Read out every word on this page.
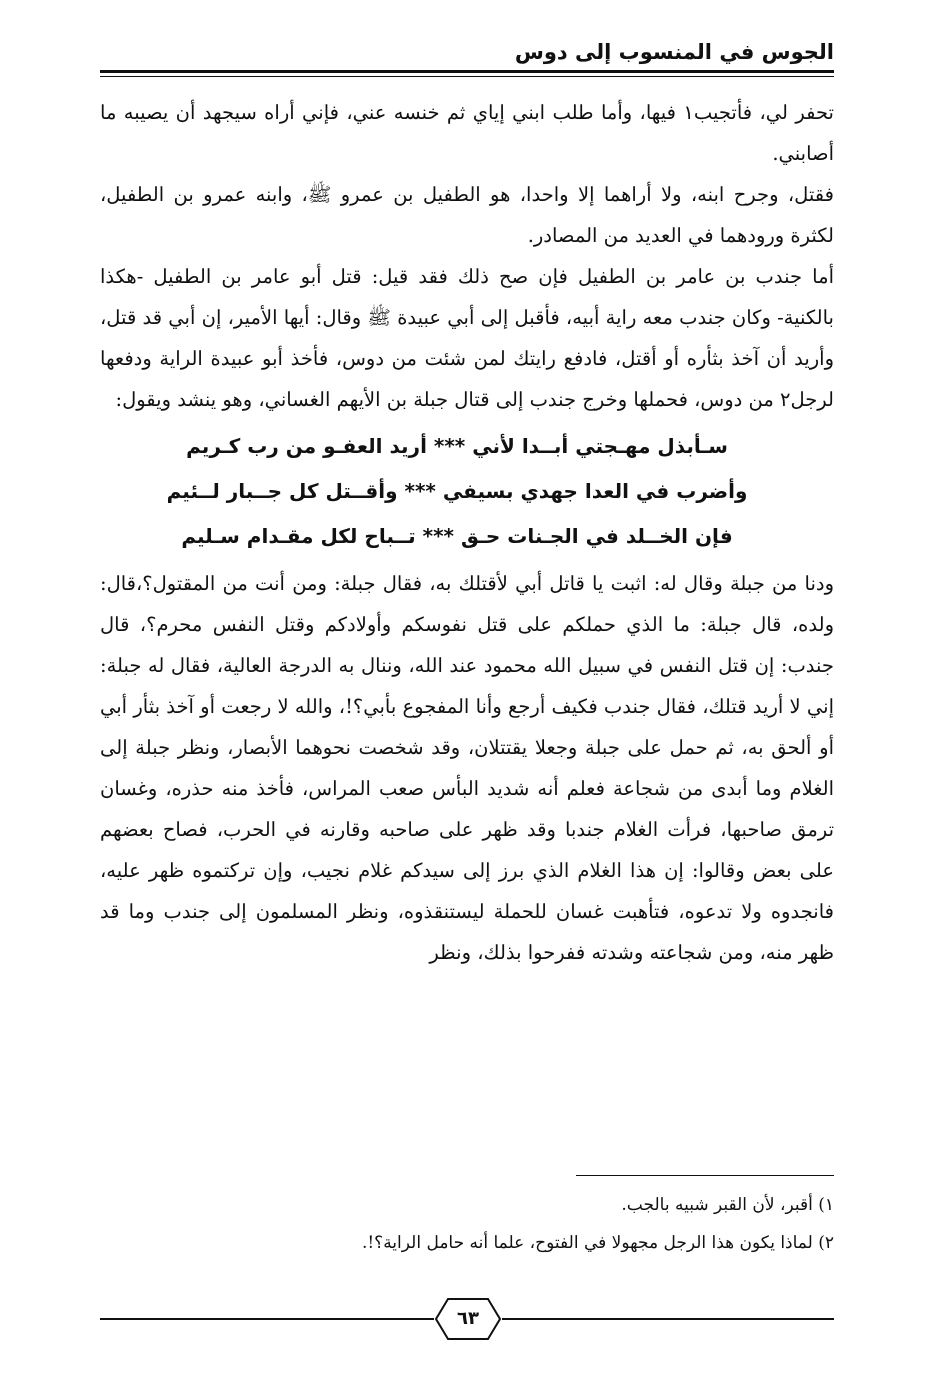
الجوس في المنسوب إلى دوس

تحفر لي، فأتجيب١ فيها، وأما طلب ابني إياي ثم خنسه عني، فإني أراه سيجهد أن يصيبه ما أصابني.

فقتل، وجرح ابنه، ولا أراهما إلا واحدا، هو الطفيل بن عمرو ﷺ، وابنه عمرو بن الطفيل، لكثرة ورودهما في العديد من المصادر.

أما جندب بن عامر بن الطفيل فإن صح ذلك فقد قيل: قتل أبو عامر بن الطفيل -هكذا بالكنية- وكان جندب معه راية أبيه، فأقبل إلى أبي عبيدة ﷺ وقال: أيها الأمير، إن أبي قد قتل، وأريد أن آخذ بثأره أو أقتل، فادفع رايتك لمن شئت من دوس، فأخذ أبو عبيدة الراية ودفعها لرجل٢ من دوس، فحملها وخرج جندب إلى قتال جبلة بن الأيهم الغساني، وهو ينشد ويقول:

سـأبذل مهـجتي أبــدا لأني *** أريد العفـو من رب كـريم

وأضرب في العدا جهدي بسيفي *** وأقــتل كل جــبار لــئيم

فإن الخــلد في الجـنات حـق *** تــباح لكل مقـدام سـليم

ودنا من جبلة وقال له: اثبت يا قاتل أبي لأقتلك به، فقال جبلة: ومن أنت من المقتول؟،قال: ولده، قال جبلة: ما الذي حملكم على قتل نفوسكم وأولادكم وقتل النفس محرم؟، قال جندب: إن قتل النفس في سبيل الله محمود عند الله، وننال به الدرجة العالية، فقال له جبلة: إني لا أريد قتلك، فقال جندب فكيف أرجع وأنا المفجوع بأبي؟!، والله لا رجعت أو آخذ بثأر أبي أو ألحق به، ثم حمل على جبلة وجعلا يقتتلان، وقد شخصت نحوهما الأبصار، ونظر جبلة إلى الغلام وما أبدى من شجاعة فعلم أنه شديد البأس صعب المراس، فأخذ منه حذره، وغسان ترمق صاحبها، فرأت الغلام جندبا وقد ظهر على صاحبه وقارنه في الحرب، فصاح بعضهم على بعض وقالوا: إن هذا الغلام الذي برز إلى سيدكم غلام نجيب، وإن تركتموه ظهر عليه، فانجدوه ولا تدعوه، فتأهبت غسان للحملة ليستنقذوه، ونظر المسلمون إلى جندب وما قد ظهر منه، ومن شجاعته وشدته ففرحوا بذلك، ونظر

١) أقبر، لأن القبر شبيه بالجب.

٢) لماذا يكون هذا الرجل مجهولا في الفتوح، علما أنه حامل الراية؟!.

٦٣
